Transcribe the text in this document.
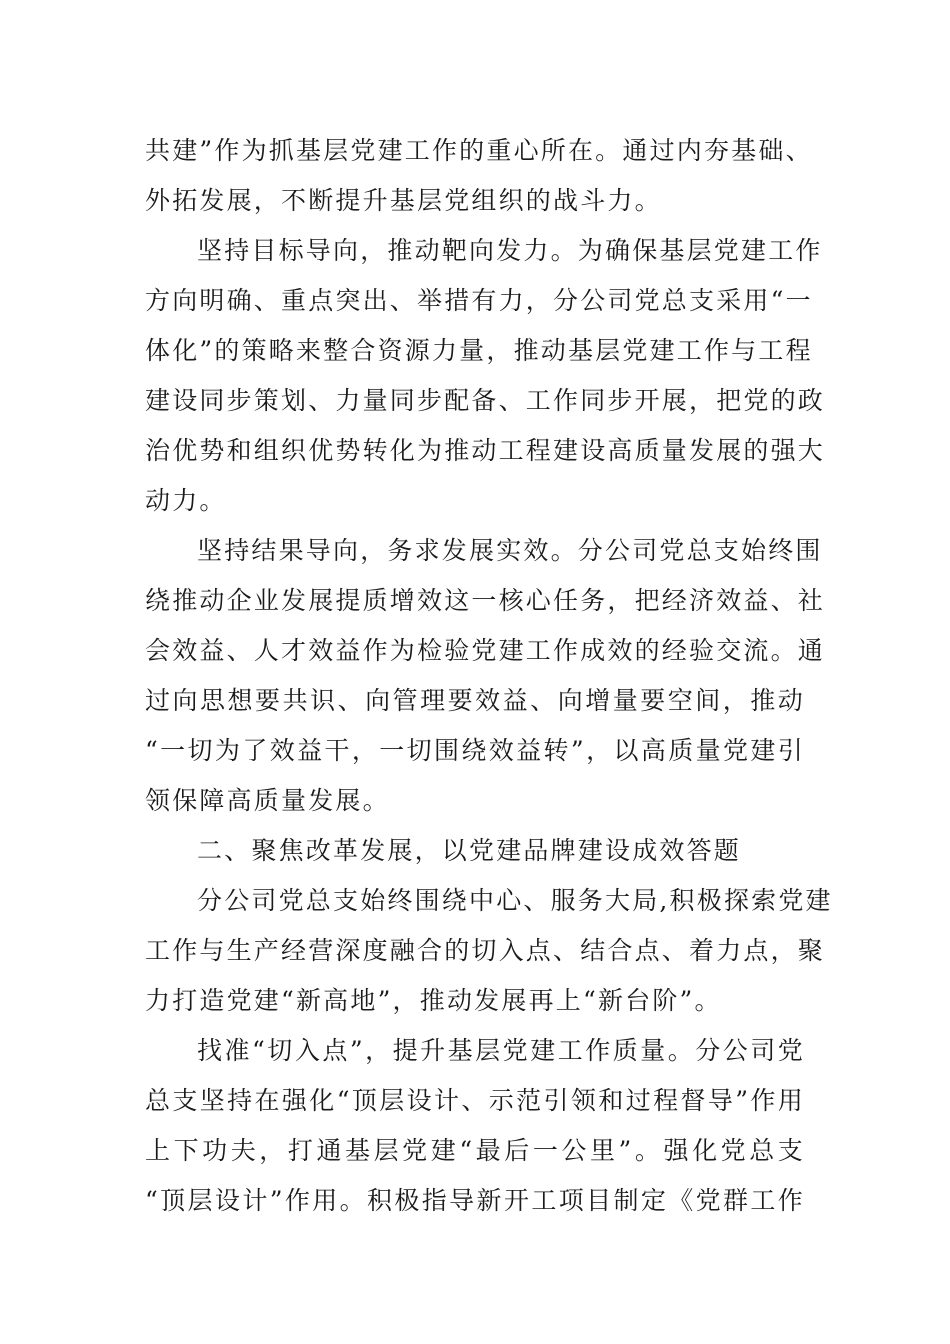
共建”作为抓基层党建工作的重心所在。通过内夯基础、
外拓发展，不断提升基层党组织的战斗力。
坚持目标导向，推动靶向发力。为确保基层党建工作
方向明确、重点突出、举措有力，分公司党总支采用“一
体化”的策略来整合资源力量，推动基层党建工作与工程
建设同步策划、力量同步配备、工作同步开展，把党的政
治优势和组织优势转化为推动工程建设高质量发展的强大
动力。
坚持结果导向，务求发展实效。分公司党总支始终围
绕推动企业发展提质增效这一核心任务，把经济效益、社
会效益、人才效益作为检验党建工作成效的经验交流。通
过向思想要共识、向管理要效益、向增量要空间，推动
“一切为了效益干，一切围绕效益转”，以高质量党建引
领保障高质量发展。
二、聚焦改革发展，以党建品牌建设成效答题
分公司党总支始终围绕中心、服务大局,积极探索党建
工作与生产经营深度融合的切入点、结合点、着力点，聚
力打造党建“新高地”，推动发展再上“新台阶”。
找准“切入点”，提升基层党建工作质量。分公司党
总支坚持在强化“顶层设计、示范引领和过程督导”作用
上下功夫，打通基层党建“最后一公里”。强化党总支
“顶层设计”作用。积极指导新开工项目制定《党群工作
